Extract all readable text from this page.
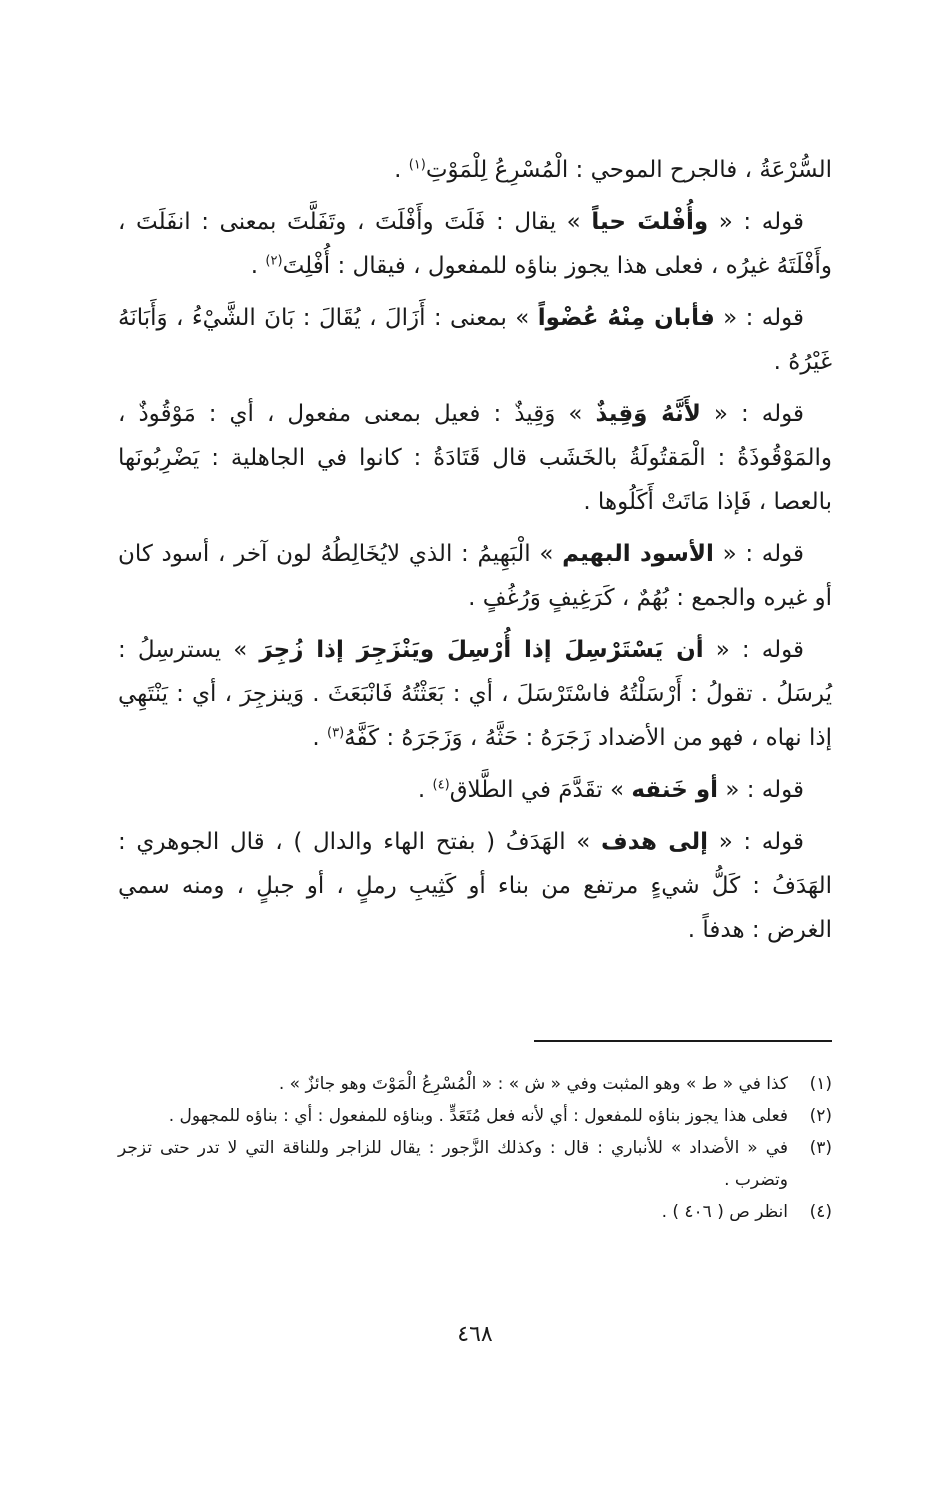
السُّرْعَةُ ، فالجرح الموحي : الْمُسْرِعُ لِلْمَوْتِ$^{(١)}$ .

قوله : « وأُفْلتَ حياً » يقال : فَلَتَ وأَفْلَتَ ، وتَفَلَّتَ بمعنى : انفَلَتَ ، وأَفْلَتَهُ غيرُه ، فعلى هذا يجوز بناؤه للمفعول ، فيقال : أُفْلِتَ$^{(٢)}$ .

قوله : « فأبان مِنْهُ عُضْواً » بمعنى : أَزَالَ ، يُقَالَ : بَانَ الشَّيْءُ ، وَأَبَانَهُ غَيْرُهُ .

قوله : « لأَنَّهُ وَقِيذٌ » وَقِيذٌ : فعيل بمعنى مفعول ، أي : مَوْقُوذٌ ، والمَوْقُوذَةُ : الْمَقتُولَةُ بالخَشَب قال قَتَادَةُ : كانوا في الجاهلية : يَضْرِبُونَها بالعصا ، فَإذا مَاتَتْ أَكَلُوها .

قوله : « الأسود البهيم » الْبَهِيمُ : الذي لايُخَالِطُهُ لون آخر ، أسود كان أو غيره والجمع : بُهُمٌ ، كَرَغِيفٍ وَرُغُفٍ .

قوله : « أن يَسْتَرْسِلَ إذا أُرْسِلَ ويَنْزَجِرَ إذا زُجِرَ » يسترسِلُ : يُرسَلُ . تقولُ : أَرْسَلْتُهُ فاسْتَرْسَلَ ، أي : بَعَثْتُهُ فَانْبَعَثَ . وَينزجِرَ ، أي : يَنْتَهِي إذا نهاه ، فهو من الأضداد زَجَرَهُ : حَثَّهُ ، وَزَجَرَهُ : كَفَّهُ$^{(٣)}$ .

قوله : « أو خَنقه » تقَدَّمَ في الطَّلاق$^{(٤)}$ .

قوله : « إلى هدف » الهَدَفُ ( بفتح الهاء والدال ) ، قال الجوهري : الهَدَفُ : كَلُّ شيءٍ مرتفع من بناء أو كَثِيبِ رملٍ ، أو جبلٍ ، ومنه سمي الغرض : هدفاً .

(١)
كذا في « ط » وهو المثبت وفي « ش » : « الْمُسْرِعُ الْمَوْتَ وهو جائزٌ » .
(٢)
فعلى هذا يجوز بناؤه للمفعول : أي لأنه فعل مُتَعَدٍّ . وبناؤه للمفعول : أي : بناؤه للمجهول .
(٣)
في « الأضداد » للأنباري : قال : وكذلك الزَّجور : يقال للزاجر وللناقة التي لا تدر حتى تزجر وتضرب .
(٤)
انظر ص ( ٤٠٦ ) .
٤٦٨
